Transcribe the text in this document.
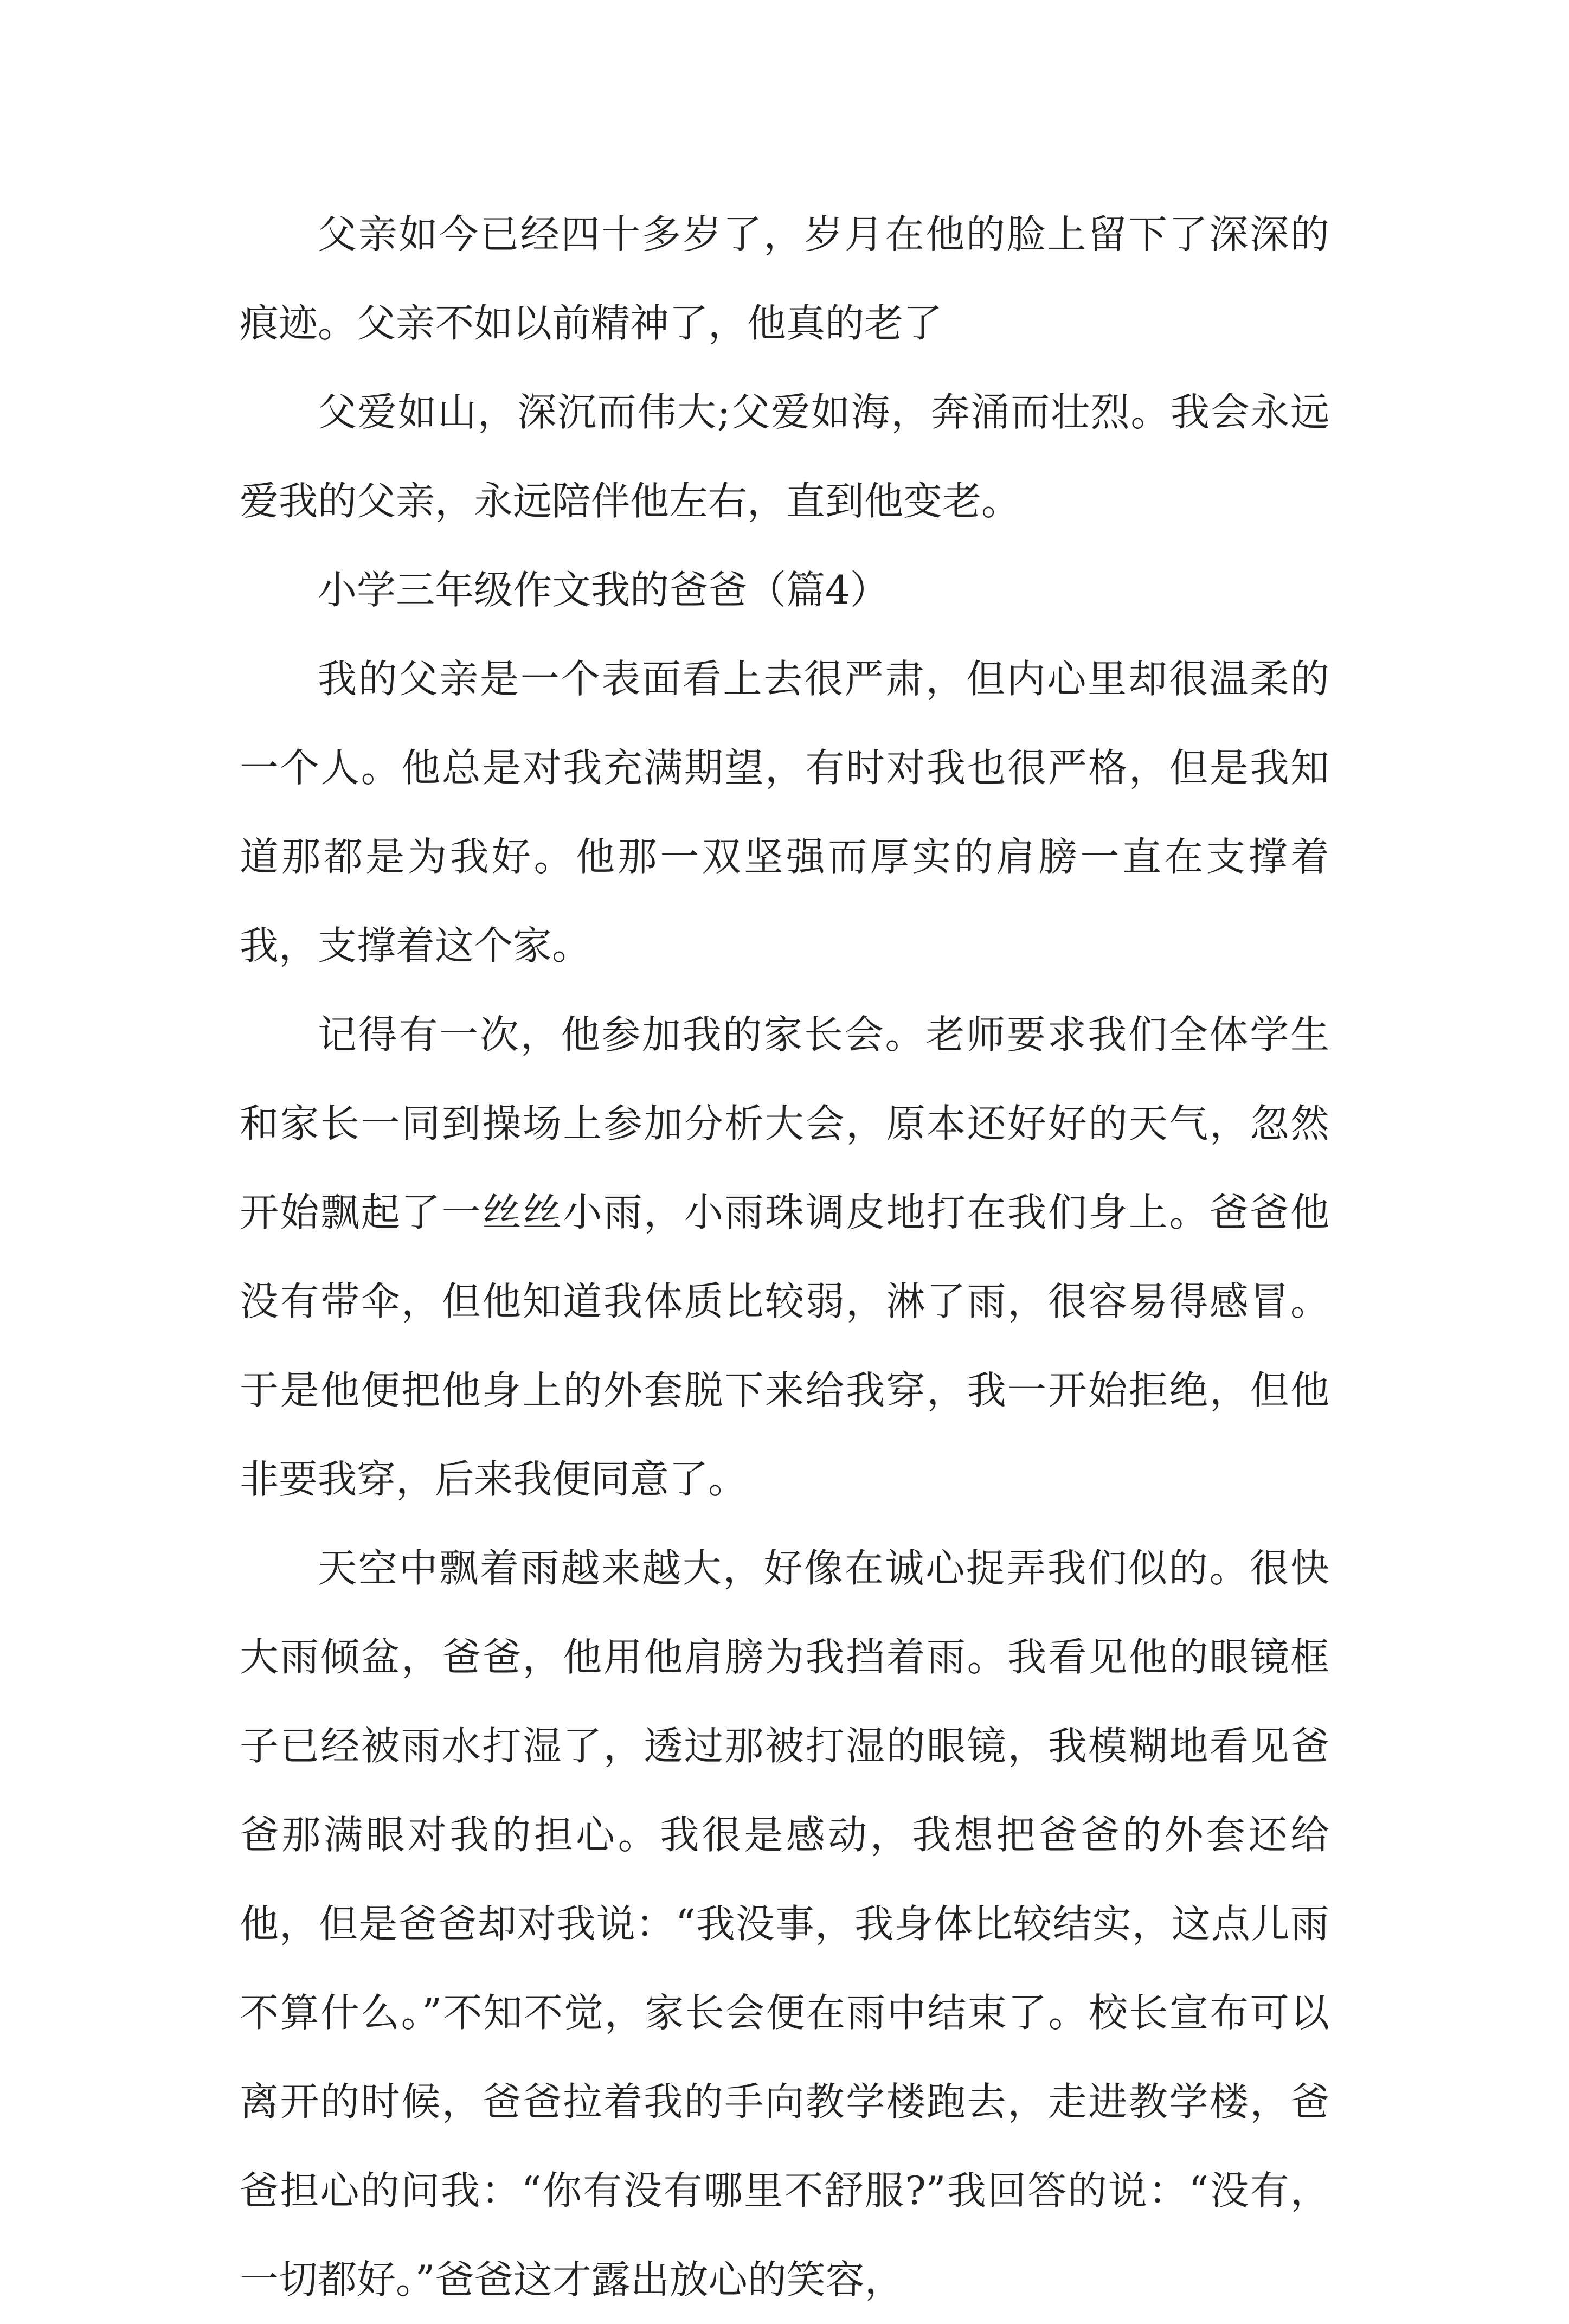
父亲如今已经四十多岁了，岁月在他的脸上留下了深深的痕迹。父亲不如以前精神了，他真的老了

父爱如山，深沉而伟大;父爱如海，奔涌而壮烈。我会永远爱我的父亲，永远陪伴他左右，直到他变老。

小学三年级作文我的爸爸（篇4）

我的父亲是一个表面看上去很严肃，但内心里却很温柔的一个人。他总是对我充满期望，有时对我也很严格，但是我知道那都是为我好。他那一双坚强而厚实的肩膀一直在支撑着我，支撑着这个家。

记得有一次，他参加我的家长会。老师要求我们全体学生和家长一同到操场上参加分析大会，原本还好好的天气，忽然开始飘起了一丝丝小雨，小雨珠调皮地打在我们身上。爸爸他没有带伞，但他知道我体质比较弱，淋了雨，很容易得感冒。于是他便把他身上的外套脱下来给我穿，我一开始拒绝，但他非要我穿，后来我便同意了。

天空中飘着雨越来越大，好像在诚心捉弄我们似的。很快大雨倾盆，爸爸，他用他肩膀为我挡着雨。我看见他的眼镜框子已经被雨水打湿了，透过那被打湿的眼镜，我模糊地看见爸爸那满眼对我的担心。我很是感动，我想把爸爸的外套还给他，但是爸爸却对我说：“我没事，我身体比较结实，这点儿雨不算什么。”不知不觉，家长会便在雨中结束了。校长宣布可以离开的时候，爸爸拉着我的手向教学楼跑去，走进教学楼，爸爸担心的问我：“你有没有哪里不舒服?”我回答的说：“没有，一切都好。”爸爸这才露出放心的笑容，
